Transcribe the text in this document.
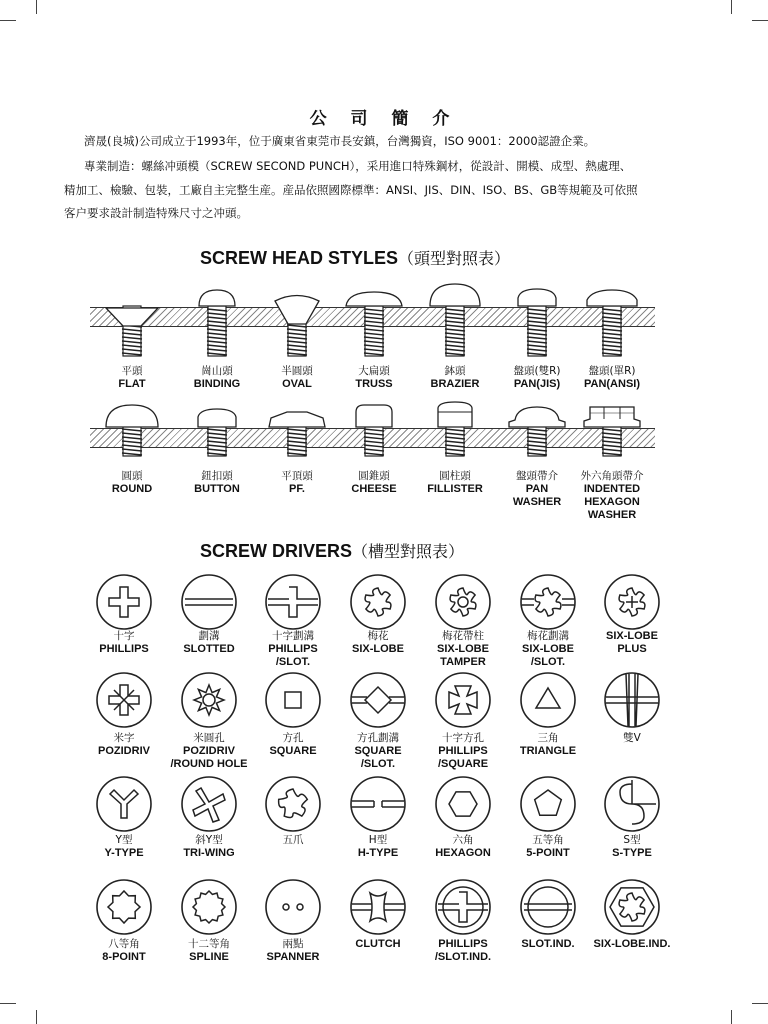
公 司 簡 介
濟晟(良城)公司成立于1993年，位于廣東省東莞市長安鎮，台灣獨資，ISO 9001：2000認證企業。
專業制造：螺絲冲頭模（SCREW SECOND PUNCH），采用進口特殊鋼材，從設計、開模、成型、熱處理、
精加工、檢驗、包裝，工廠自主完整生産。産品依照國際標準：ANSI、JIS、DIN、ISO、BS、GB等規範及可依照
客户要求設計制造特殊尺寸之冲頭。
SCREW HEAD STYLES（頭型對照表）
平頭
FLAT
崗山頭
BINDING
半圓頭
OVAL
大扁頭
TRUSS
鉢頭
BRAZIER
盤頭(雙R)
PAN(JIS)
盤頭(單R)
PAN(ANSI)
圓頭
ROUND
鈕扣頭
BUTTON
平頂頭
PF.
圓錐頭
CHEESE
圓柱頭
FILLISTER
盤頭帶介
PAN WASHER
外六角頭帶介
INDENTED HEXAGON WASHER
SCREW DRIVERS（槽型對照表）
十字
PHILLIPS
劃溝
SLOTTED
十字劃溝
PHILLIPS
/SLOT.
梅花
SIX-LOBE
梅花帶柱
SIX-LOBE
TAMPER
梅花劃溝
SIX-LOBE
/SLOT.
SIX-LOBE
PLUS
米字
POZIDRIV
米圓孔
POZIDRIV
/ROUND HOLE
方孔
SQUARE
方孔劃溝
SQUARE
/SLOT.
十字方孔
PHILLIPS
/SQUARE
三角
TRIANGLE
雙V
Y型
Y-TYPE
斜Y型
TRI-WING
五爪	H型
H-TYPE
六角
HEXAGON
五等角
5-POINT
S型
S-TYPE
八等角
8-POINT
十二等角
SPLINE
兩點
SPANNER
CLUTCH	PHILLIPS
/SLOT.IND.
SLOT.IND.	SIX-LOBE.IND.
